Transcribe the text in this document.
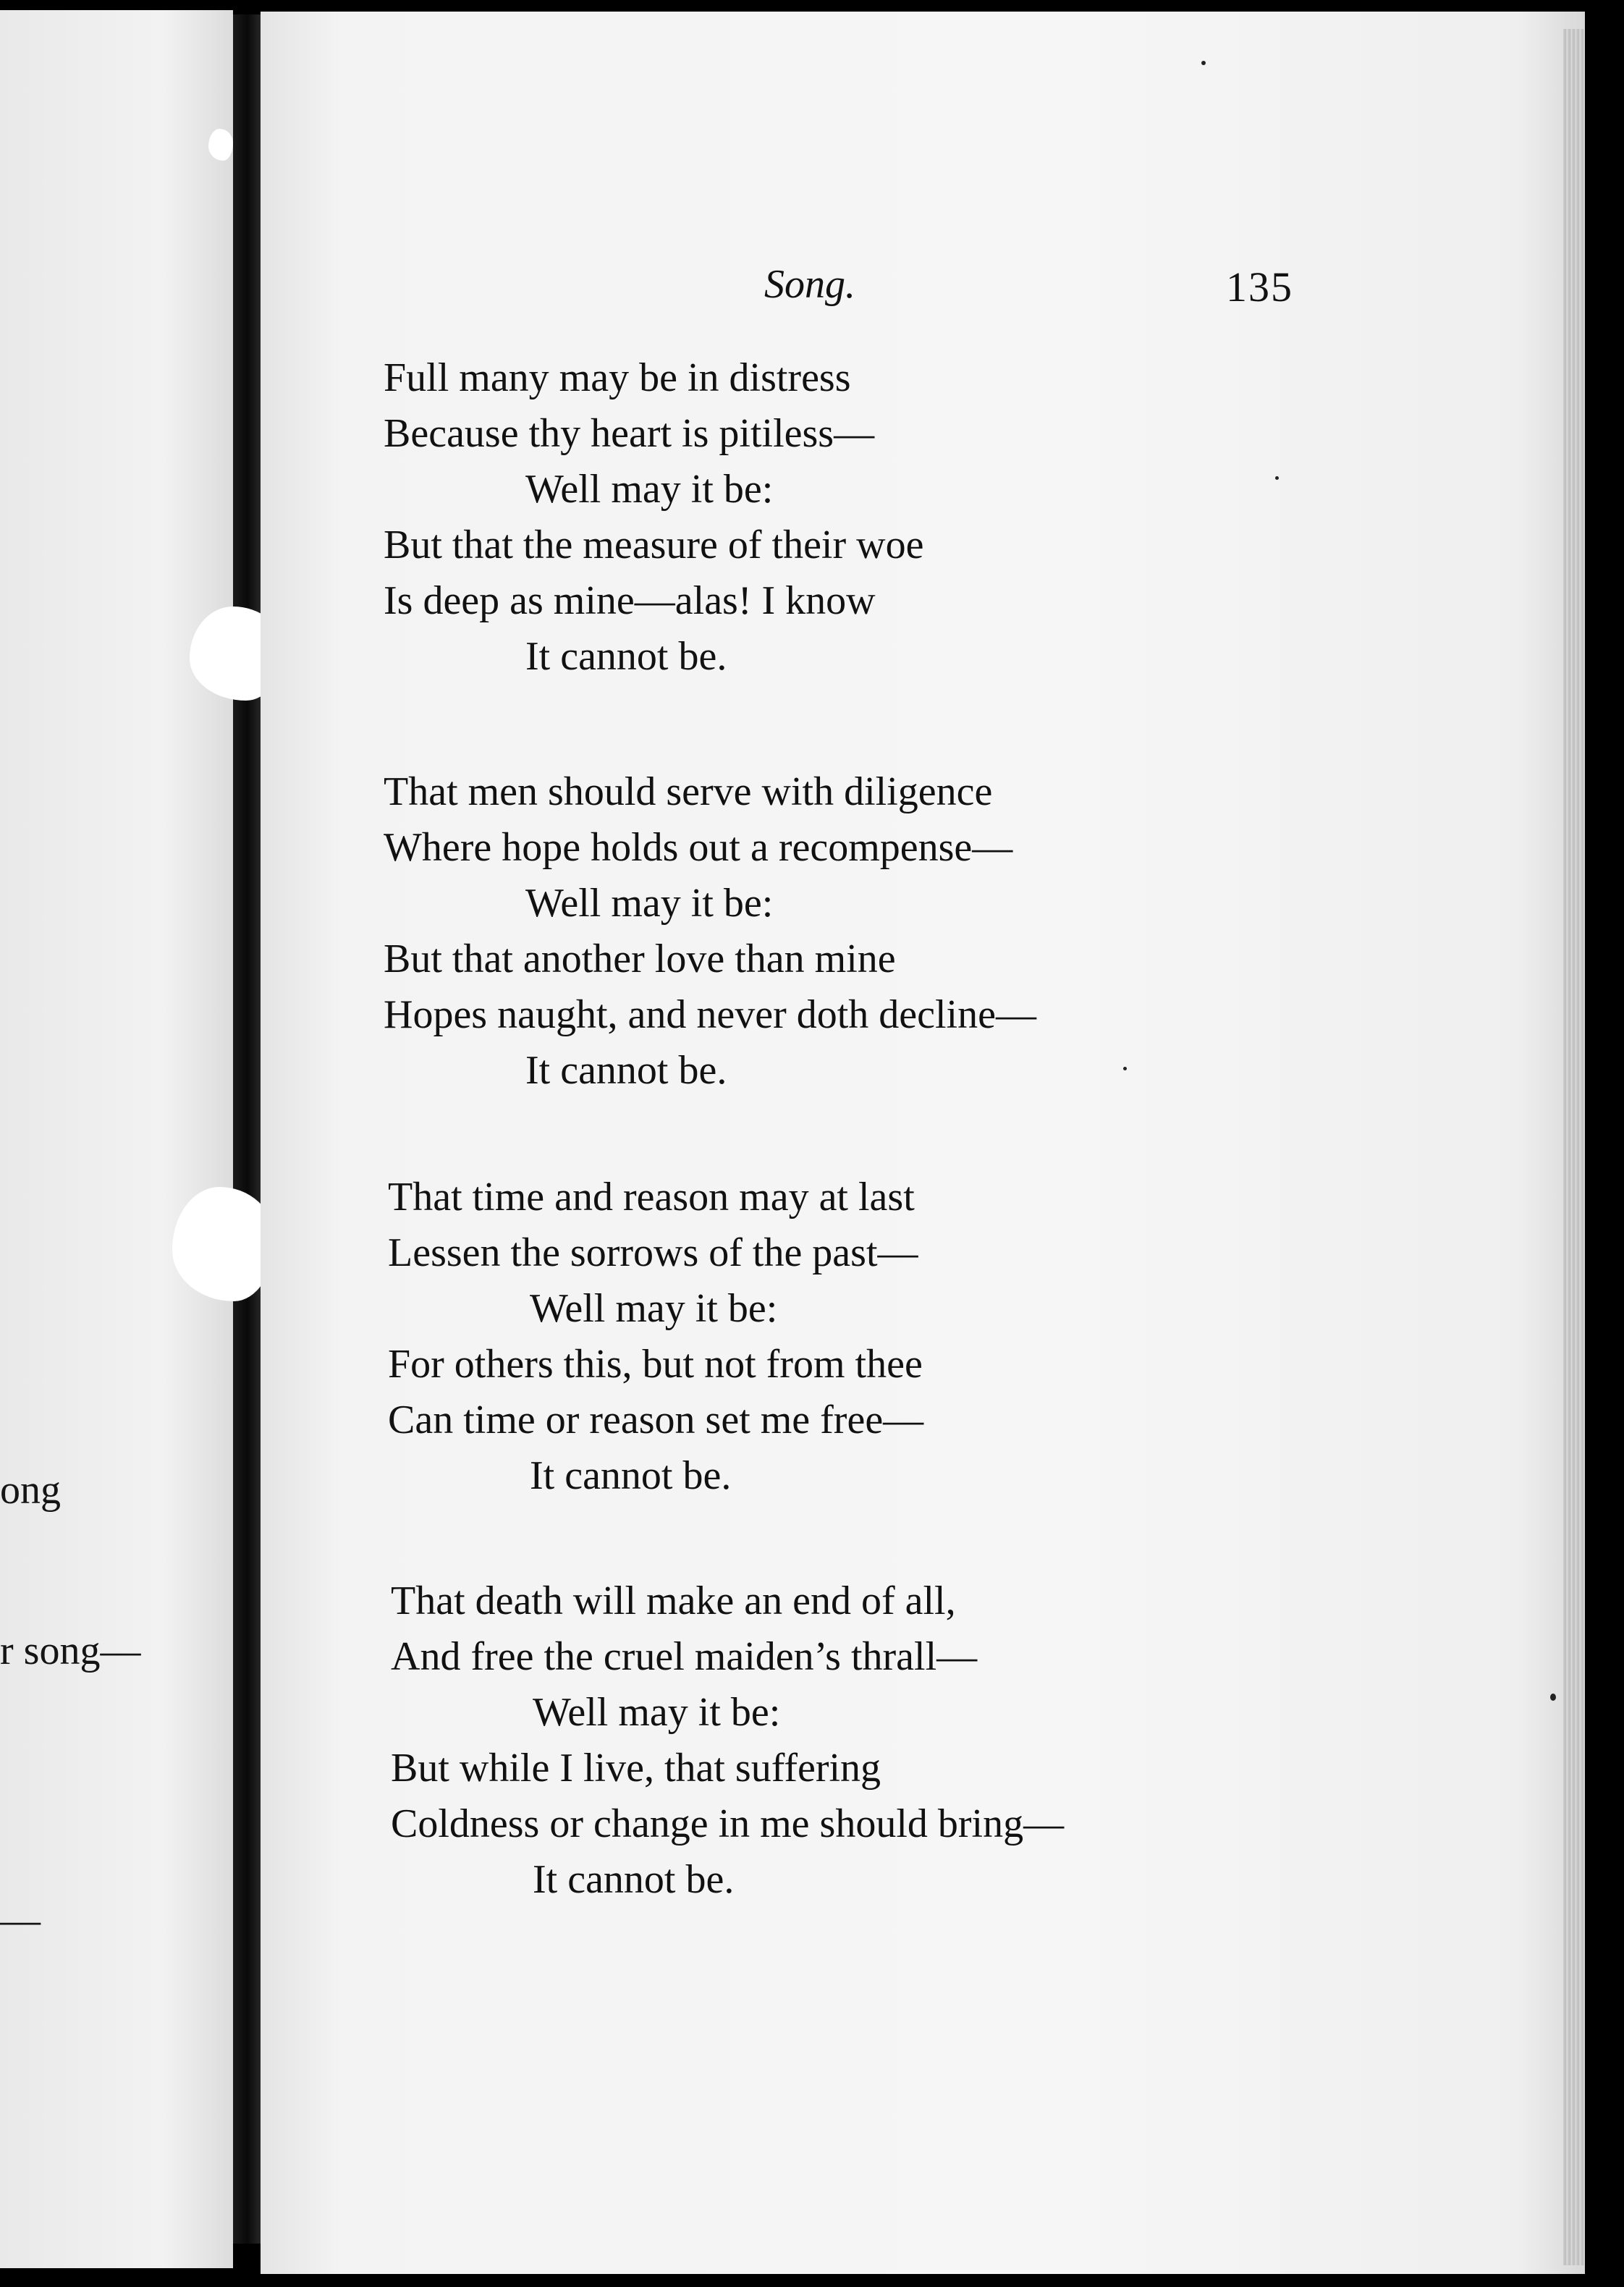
ong

r song—

—

Song.	135
Full many may be in distress
Because thy heart is pitiless—
Well may it be:
But that the measure of their woe
Is deep as mine—alas! I know
It cannot be.
That men should serve with diligence
Where hope holds out a recompense—
Well may it be:
But that another love than mine
Hopes naught, and never doth decline—
It cannot be.
That time and reason may at last
Lessen the sorrows of the past—
Well may it be:
For others this, but not from thee
Can time or reason set me free—
It cannot be.
That death will make an end of all,
And free the cruel maiden’s thrall—
Well may it be:
But while I live, that suffering
Coldness or change in me should bring—
It cannot be.
